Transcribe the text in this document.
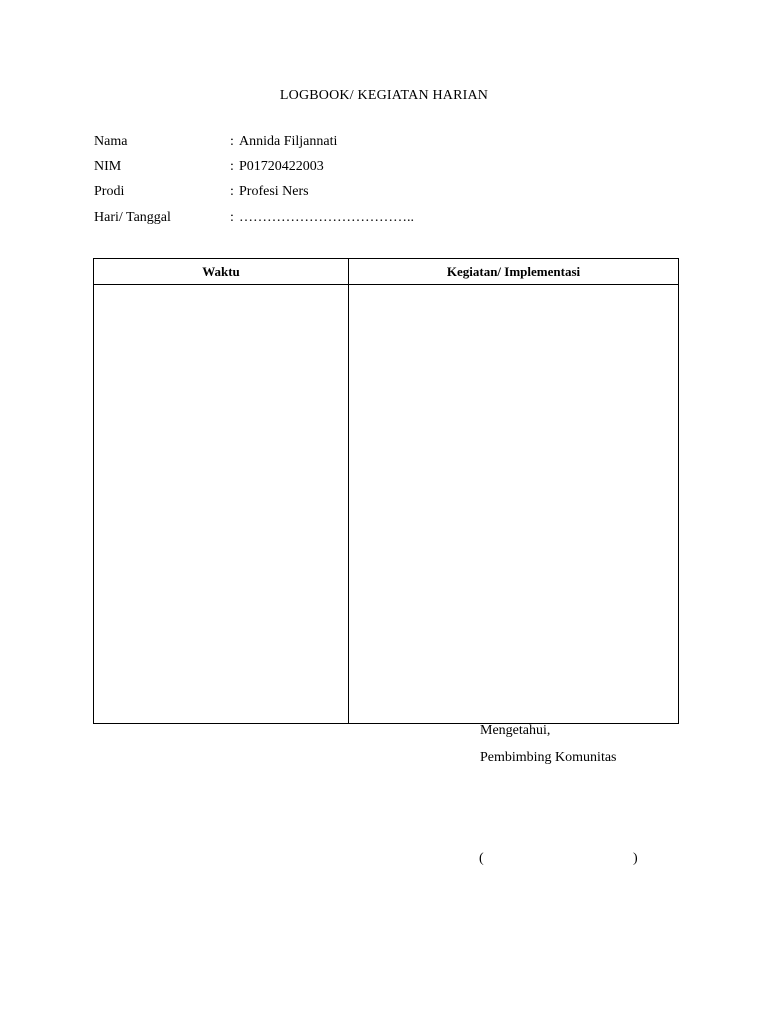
LOGBOOK/ KEGIATAN HARIAN
Nama	: Annida Filjannati
NIM	: P01720422003
Prodi	: Profesi Ners
Hari/ Tanggal	: ………………………………..
Waktu	Kegiatan/ Implementasi

Mengetahui,
Pembimbing Komunitas
(	)
